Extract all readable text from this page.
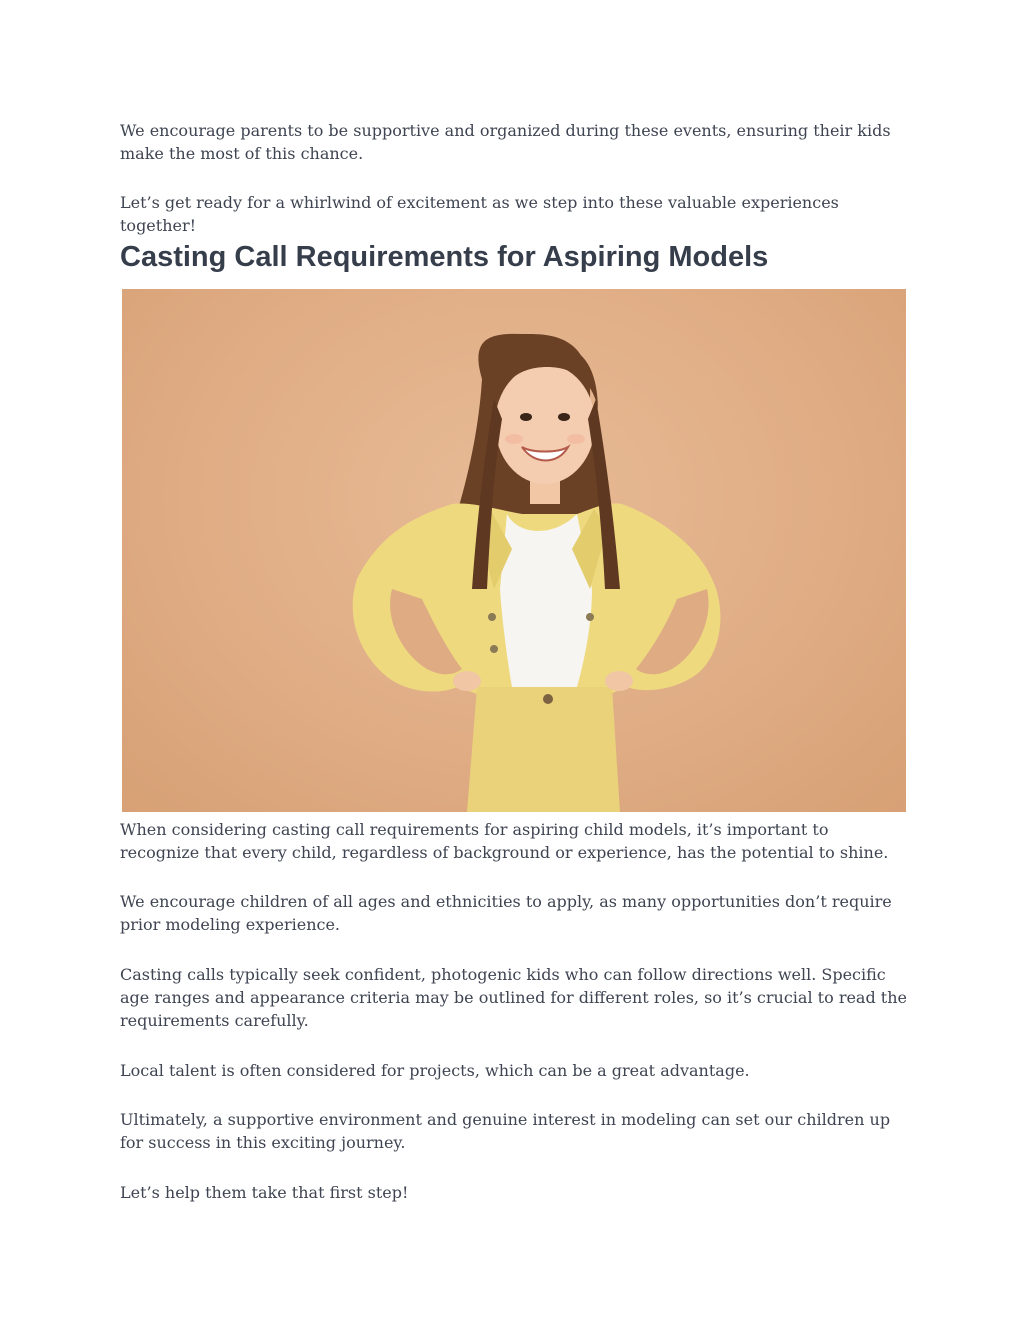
We encourage parents to be supportive and organized during these events, ensuring their kids make the most of this chance.

Let’s get ready for a whirlwind of excitement as we step into these valuable experiences together!

Casting Call Requirements for Aspiring Models

When considering casting call requirements for aspiring child models, it’s important to recognize that every child, regardless of background or experience, has the potential to shine.

We encourage children of all ages and ethnicities to apply, as many opportunities don’t require prior modeling experience.

Casting calls typically seek confident, photogenic kids who can follow directions well. Specific age ranges and appearance criteria may be outlined for different roles, so it’s crucial to read the requirements carefully.

Local talent is often considered for projects, which can be a great advantage.

Ultimately, a supportive environment and genuine interest in modeling can set our children up for success in this exciting journey.

Let’s help them take that first step!
